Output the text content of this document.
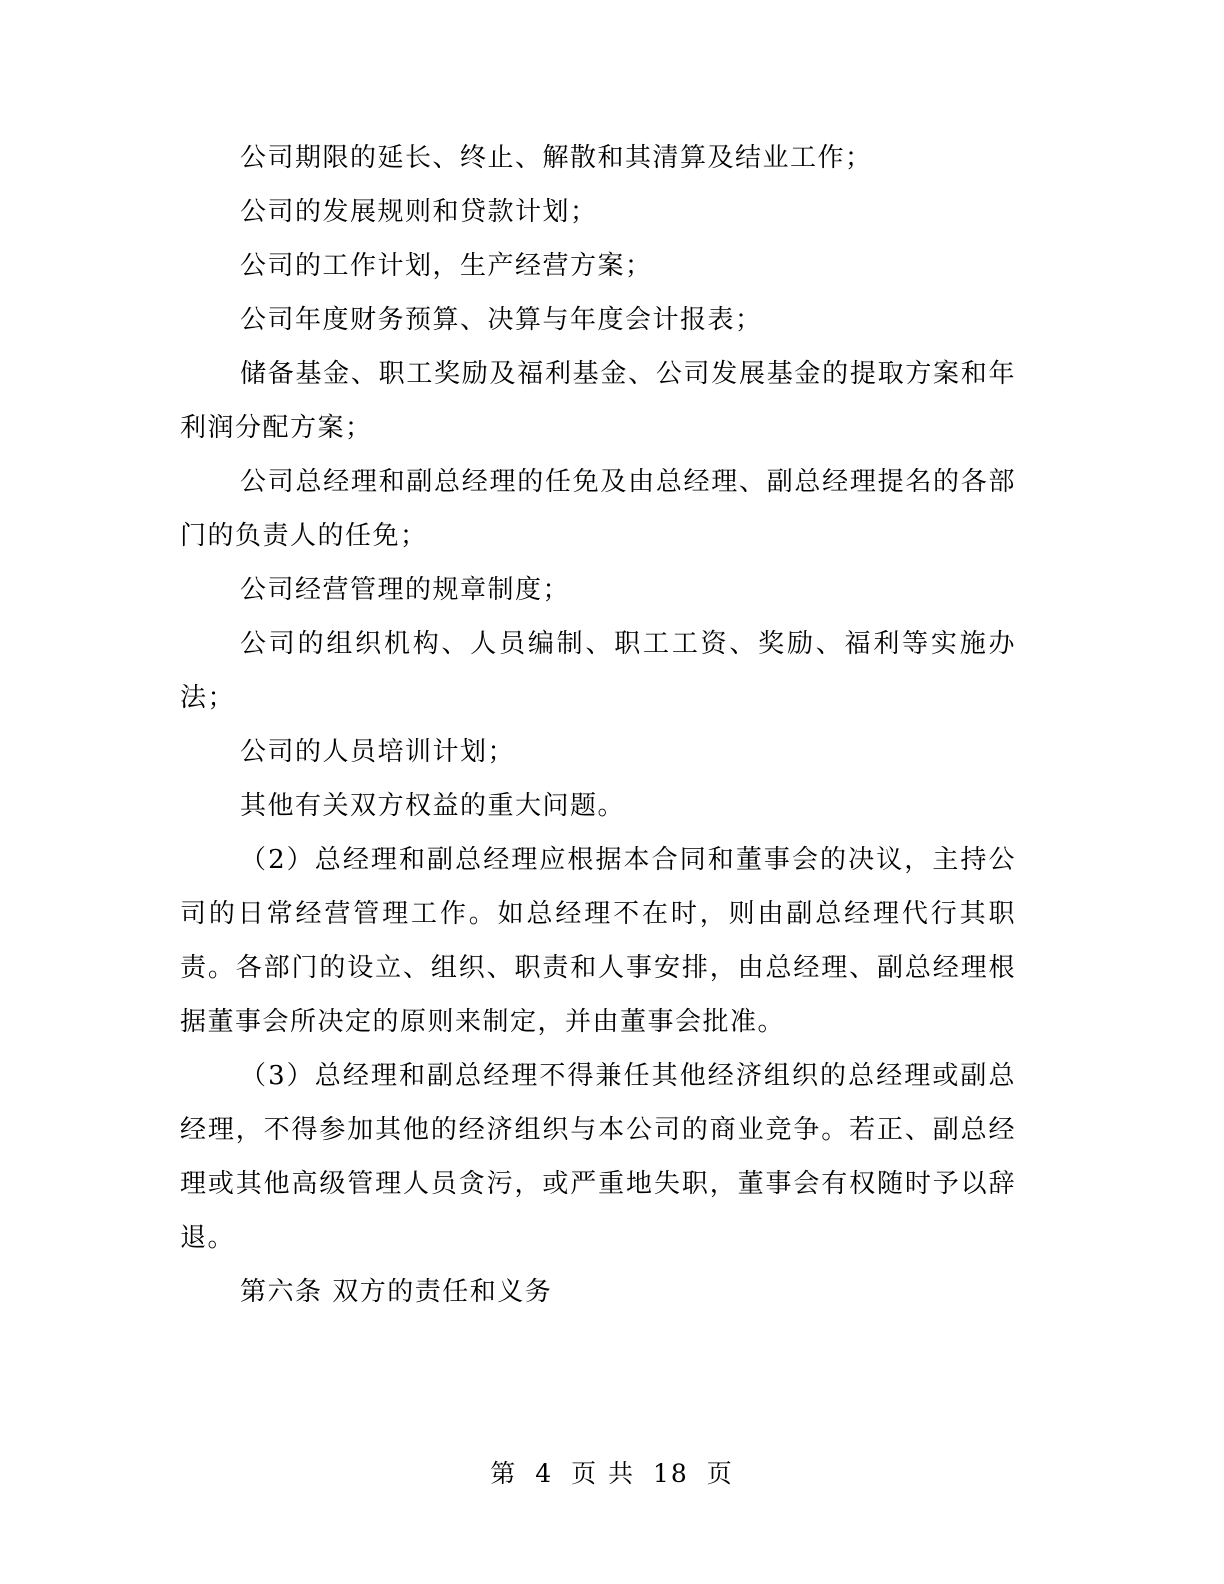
公司期限的延长、终止、解散和其清算及结业工作；

公司的发展规则和贷款计划；

公司的工作计划，生产经营方案；

公司年度财务预算、决算与年度会计报表；

储备基金、职工奖励及福利基金、公司发展基金的提取方案和年利润分配方案；

公司总经理和副总经理的任免及由总经理、副总经理提名的各部门的负责人的任免；

公司经营管理的规章制度；

公司的组织机构、人员编制、职工工资、奖励、福利等实施办法；

公司的人员培训计划；

其他有关双方权益的重大问题。

（2）总经理和副总经理应根据本合同和董事会的决议，主持公司的日常经营管理工作。如总经理不在时，则由副总经理代行其职责。各部门的设立、组织、职责和人事安排，由总经理、副总经理根据董事会所决定的原则来制定，并由董事会批准。

（3）总经理和副总经理不得兼任其他经济组织的总经理或副总经理，不得参加其他的经济组织与本公司的商业竞争。若正、副总经理或其他高级管理人员贪污，或严重地失职，董事会有权随时予以辞退。

第六条 双方的责任和义务

第 4 页 共 18 页
